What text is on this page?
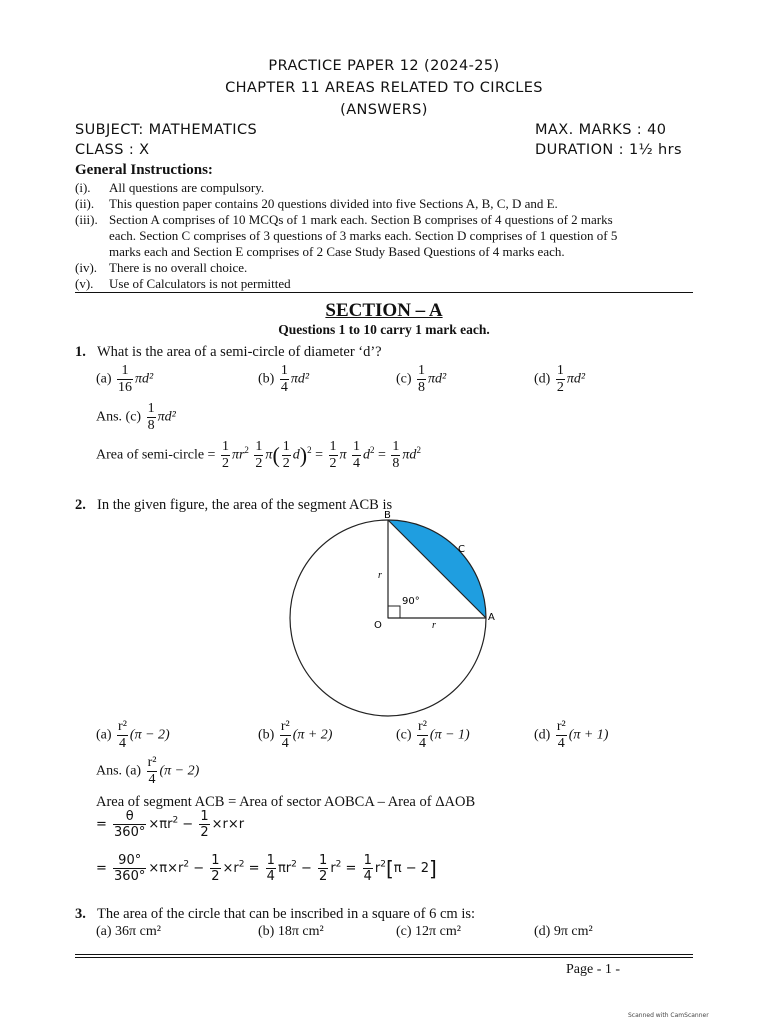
PRACTICE PAPER 12 (2024-25)
CHAPTER 11 AREAS RELATED TO CIRCLES
(ANSWERS)
SUBJECT: MATHEMATICS	MAX. MARKS : 40
CLASS : X	DURATION : 1½ hrs
General Instructions:
(i). All questions are compulsory.
(ii). This question paper contains 20 questions divided into five Sections A, B, C, D and E.
(iii). Section A comprises of 10 MCQs of 1 mark each. Section B comprises of 4 questions of 2 marks
each. Section C comprises of 3 questions of 3 marks each. Section D comprises of 1 question of 5
marks each and Section E comprises of 2 Case Study Based Questions of 4 marks each.
(iv). There is no overall choice.
(v). Use of Calculators is not permitted
SECTION – A
Questions 1 to 10 carry 1 mark each.
1. What is the area of a semi-circle of diameter ‘d’?
$(a) \frac{1}{16} \pi d^2$	$(b) \frac{1}{4} \pi d^2$	$(c) \frac{1}{8} \pi d^2$	$(d) \frac{1}{2} \pi d^2$
Ans. $(c) \frac{1}{8} \pi d^2$
Area of semi-circle = $\frac{1}{2} \pi r^2 \frac{1}{2} \pi( \frac{1}{2} d)^2 = \frac{1}{2}$ π $\frac{1}{4} d^2 = \frac{1}{8} \pi d^2$
2. In the given figure, the area of the segment ACB is
B
C
A
O
r
r
90°
$(a) \frac{\text{r²}}{4} (\pi - 2)$	$(b) \frac{\text{r²}}{4} (\pi + 2)$	$(c) \frac{\text{r²}}{4} (\pi - 1)$	$(d) \frac{\text{r²}}{4} (\pi + 1)$
Ans. $(a) \frac{\text{r²}}{4} (\pi - 2)$
Area of segment ACB = Area of sector AOBCA – Area of ΔAOB
= $\frac{\theta}{360^\circ} \times\pi r^2 - \frac{1}{2} \times r\times r$
= $\frac{90^\circ}{360^\circ} \times\pi\times r^2 - \frac{1}{2} \times r^2 = \frac{1}{4} \pi r^2 - \frac{1}{2} r^2 = \frac{1}{4} r^2[\pi - 2]$
3. The area of the circle that can be inscribed in a square of 6 cm is:
(a) 36π cm²	(b) 18π cm²	(c) 12π cm²	(d) 9π cm²
Page - 1 -
Scanned with CamScanner
